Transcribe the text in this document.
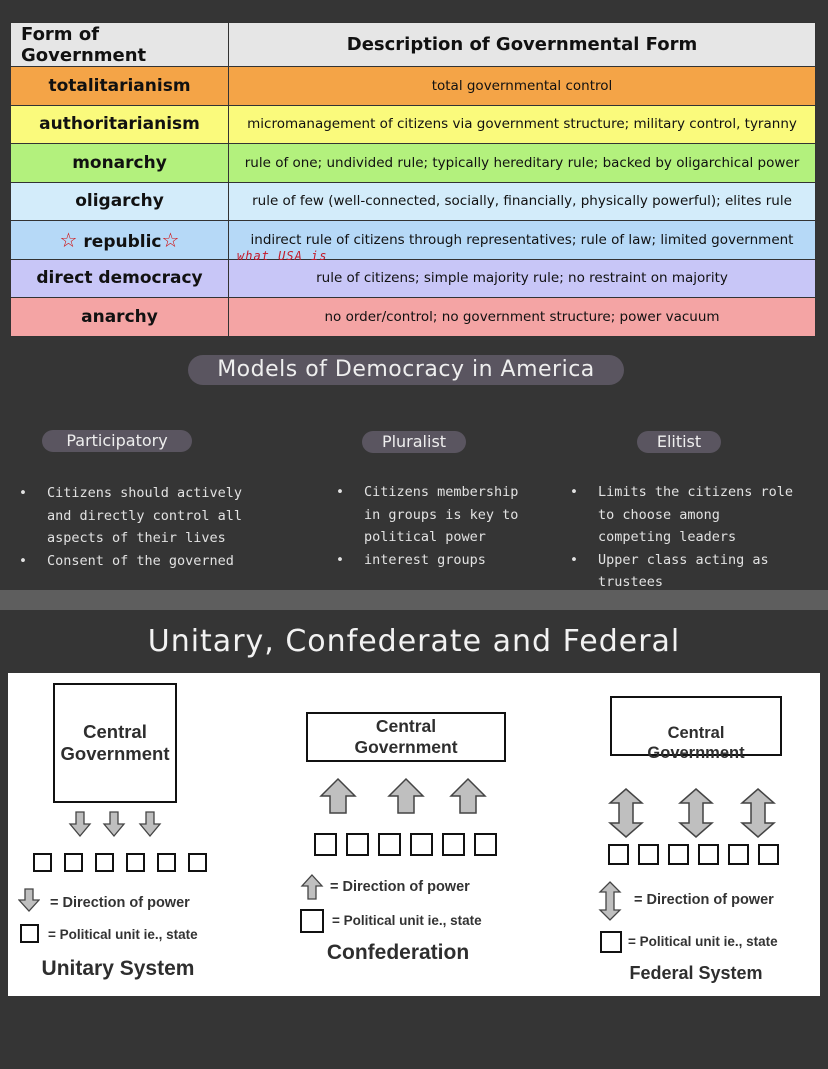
Form of Government	Description of Governmental Form
totalitarianism	total governmental control
authoritarianism	micromanagement of citizens via government structure; military control, tyranny
monarchy	rule of one; undivided rule; typically hereditary rule; backed by oligarchical power
oligarchy	rule of few (well-connected, socially, financially, physically powerful); elites rule
☆ republic☆	indirect rule of citizens through representatives; rule of law; limited government
what USA is

direct democracy	rule of citizens; simple majority rule; no restraint on majority
anarchy	no order/control; no government structure; power vacuum
Models of Democracy in America
Participatory	Pluralist	Elitist
• Citizens should actively and directly control all aspects of their lives
• Consent of the governed
• Citizens membership in groups is key to political power
• interest groups
• Limits the citizens role to choose among competing leaders
• Upper class acting as trustees
Unitary, Confederate and Federal
Central
Government
= Direction of power
= Political unit ie., state
Unitary System
Central
Government
= Direction of power
= Political unit ie., state
Confederation
Central
Government
= Direction of power
= Political unit ie., state
Federal System
